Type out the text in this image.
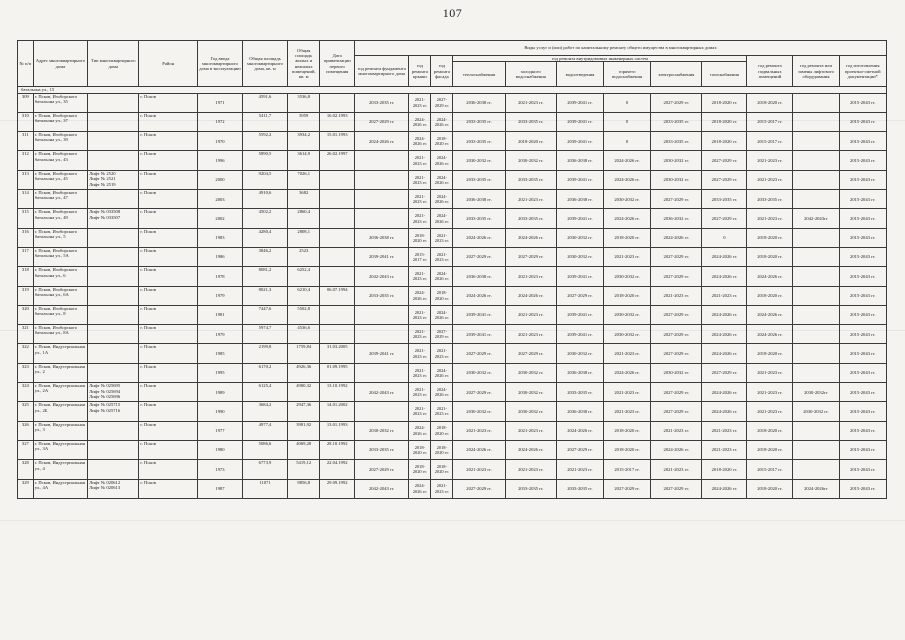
107
№ п/п	Адрес многоквартирного дома	Тип многоквартирного дома	Район	Год ввода многоквартирного дома в эксплуатацию	Общая площадь многоквартирного дома, кв. м	Общая площадь жилых и нежилых помещений, кв. м	Дата приватизации первого помещения	Виды услуг и (или) работ по капитальному ремонту общего имущества в многоквартирных домах											
								год ремонта фундамента многоквартирного дома	год ремонта крыши	год ремонта фасада	год ремонта внутридомовых инженерных систем						год ремонта подвальных помещений	год ремонта или замены лифтового оборудования	год изготовления проектно-сметной документации*
											теплоснабжения	холодного водоснабжения	водоотведения	горячего водоснабжения	электроснабжения	газоснабжения			
батальона ул., 15																			
309	г. Псков, Изоборского батальона ул., 35		г. Псков	1971	4591,6	3536,8		2033-2035 гг.	2021-2023 гг.	2027-2029 гг.	2036-2038 гг.	2021-2023 гг.	2039-2041 гг.	0	2027-2029 гг.	2018-2020 гг.	2018-2020 гг.		2015-2043 гг.
310	г. Псков, Изоборского батальона ул., 37		г. Псков	1972	5411,7	3959	16.02.1993	2027-2029 гг.	2024-2026 гг.	2024-2026 гг.	2033-2035 гг.	2033-2035 гг.	2039-2041 гг.	0	2033-2035 гг.	2018-2020 гг.	2015-2017 гг.		2015-2043 гг.
311	г. Псков, Изоборского батальона ул., 39		г. Псков	1970	5592,2	3934,2	15.01.1993	2024-2026 гг.	2024-2026 гг.	2018-2020 гг.	2033-2035 гг.	2018-2020 гг.	2039-2041 гг.	0	2033-2035 гг.	2018-2020 гг.	2015-2017 гг.		2015-2043 гг.
312	г. Псков, Изоборского батальона ул., 43		г. Псков	1996	5890,5	3614,9	26.02.1997		2021-2023 гг.	2024-2026 гг.	2030-2032 гг.	2030-2032 гг.	2036-2038 гг.	2024-2026 гг.	2030-2032 гг.	2027-2029 гг.	2021-2023 гг.		2015-2043 гг.
313	г. Псков, Изоборского батальона ул., 45	Лифт № 2520
Лифт № 2521
Лифт № 2519	г. Псков	2000	9204,5	7026,1			2021-2023 гг.	2024-2026 гг.	2033-2035 гг.	2033-2035 гг.	2039-2041 гг.	2024-2026 гг.	2030-2032 гг.	2027-2029 гг.	2021-2023 гг.		2015-2043 гг.
314	г. Псков, Изоборского батальона ул., 47		г. Псков	2003	4910,6	3682			2021-2023 гг.	2024-2026 гг.	2036-2038 гг.	2021-2023 гг.	2036-2038 гг.	2030-2032 гг.	2027-2029 гг.	2033-2035 гг.	2033-2035 гг.		2015-2043 гг.
315	г. Псков, Изоборского батальона ул., 49	Лифт № 033508
Лифт № 033507	г. Псков	2002	4502,2	2860,4			2021-2023 гг.	2024-2026 гг.	2033-2035 гг.	2033-2035 гг.	2039-2041 гг.	2024-2026 гг.	2036-2032 гг.	2027-2029 гг.	2021-2023 гг.	2042-2043гг	2015-2043 гг.
316	г. Псков, Изоборского батальона ул., 5		г. Псков	1983	4280,4	2808,1		2036-2038 гг.	2018-2020 гг.	2021-2023 гг.	2024-2026 гг.	2024-2026 гг.	2030-2032 гг.	2018-2020 гг.	2024-2026 гг.	0	2018-2020 гг.		2015-2043 гг.
317	г. Псков, Изоборского батальона ул., 5А		г. Псков	1986	3846,2	2523		2039-2041 гг.	2015-2017 гг.	2021-2023 гг.	2027-2029 гг.	2027-2029 гг.	2030-2032 гг.	2021-2023 гг.	2027-2029 гг.	2024-2026 гг.	2018-2020 гг.		2015-2043 гг.
318	г. Псков, Изоборского батальона ул., 6		г. Псков	1978	8081,2	6252,4		2042-2043 гг.	2021-2023 гг.	2024-2026 гг.	2036-2038 гг.	2021-2023 гг.	2039-2041 гг.	2030-2032 гг.	2027-2029 гг.	2024-2026 гг.	2024-2026 гг.		2015-2043 гг.
319	г. Псков, Изоборского батальона ул., 6А		г. Псков	1979	8021,3	6210,4	06.07.1994	2033-2035 гг.	2024-2026 гг.	2018-2020 гг.	2024-2026 гг.	2024-2026 гг.	2027-2029 гг.	2018-2020 гг.	2021-2023 гг.	2021-2023 гг.	2018-2020 гг.		2015-2043 гг.
320	г. Псков, Изоборского батальона ул., 8		г. Псков	1981	7447,6	5502,8			2021-2023 гг.	2024-2026 гг.	2039-2041 гг.	2021-2023 гг.	2039-2041 гг.	2030-2032 гг.	2027-2029 гг.	2024-2026 гг.	2024-2026 гг.		2015-2043 гг.
321	г. Псков, Изоборского батальона ул., 8А		г. Псков	1979	5974,7	4536,6			2021-2023 гг.	2027-2029 гг.	2039-2041 гг.	2021-2023 гг.	2039-2041 гг.	2030-2032 гг.	2027-2029 гг.	2024-2026 гг.	2024-2026 гг.		2015-2043 гг.
322	г. Псков, Индустриальная ул., 1А		г. Псков	1985	2199,8	1759,84	31.03.2005	2039-2041 гг.	2021-2023 гг.	2021-2023 гг.	2027-2029 гг.	2027-2029 гг.	2030-2032 гг.	2021-2023 гг.	2027-2029 гг.	2024-2026 гг.	2018-2020 гг.		2015-2043 гг.
323	г. Псков, Индустриальная ул., 2		г. Псков	1995	6170,2	4926,36	01.09.1995		2021-2023 гг.	2024-2026 гг.	2030-2032 гг.	2030-2032 гг.	2036-2038 гг.	2024-2026 гг.	2030-2032 гг.	2027-2029 гг.	2021-2023 гг.		2015-2043 гг.
324	г. Псков, Индустриальная ул., 2А	Лифт № 025695
Лифт № 025694
Лифт № 025696	г. Псков	1989	6125,4	4900,32	13.10.1992	2042-2043 гг.	2021-2023 гг.	2024-2026 гг.	2027-2029 гг.	2030-2032 гг.	2033-2035 гг.	2021-2023 гг.	2027-2029 гг.	2024-2026 гг.	2021-2023 гг.	2030-2032гг	2015-2043 гг.
325	г. Псков, Индустриальная ул., 2Б	Лифт № 025715
Лифт № 025716	г. Псков	1990	3684,2	2947,36	14.01.2002		2021-2023 гг.	2021-2023 гг.	2030-2032 гг.	2030-2032 гг.	2036-2038 гг.	2021-2023 гг.	2027-2029 гг.	2024-2026 гг.	2021-2023 гг.	2030-2032 гг.	2015-2043 гг.
326	г. Псков, Индустриальная ул., 3		г. Псков	1977	4977,4	3981,92	13.01.1993	2030-2032 гг.	2024-2026 гг.	2018-2020 гг.	2021-2023 гг.	2021-2023 гг.	2024-2026 гг.	2018-2020 гг.	2021-2023 гг.	2021-2023 гг.	2018-2020 гг.		2015-2043 гг.
327	г. Псков, Индустриальная ул., 3А		г. Псков	1980	5086,6	4069,28	28.10.1992	2033-2035 гг.	2018-2020 гг.	2018-2020 гг.	2024-2026 гг.	2024-2026 гг.	2027-2029 гг.	2018-2020 гг.	2024-2026 гг.	2021-2023 гг.	2018-2020 гг.		2015-2043 гг.
328	г. Псков, Индустриальная ул., 4		г. Псков	1973	6773,9	5419,12	22.04.1992	2027-2029 гг.	2018-2020 гг.	2018-2020 гг.	2021-2023 гг.	2021-2023 гг.	2021-2023 гг.	2015-2017 гг.	2021-2023 гг.	2018-2020 гг.	2015-2017 гг.		2015-2043 гг.
329	г. Псков, Индустриальная ул., 4А	Лифт № 020612
Лифт № 020613	г. Псков	1987	11071	8856,8	29.09.1992	2042-2043 гг.	2024-2026 гг.	2021-2023 гг.	2027-2029 гг.	2033-2035 гг.	2033-2035 гг.	2027-2029 гг.	2027-2029 гг.	2024-2026 гг.	2018-2020 гг.	2024-2026гг	2015-2043 гг.
